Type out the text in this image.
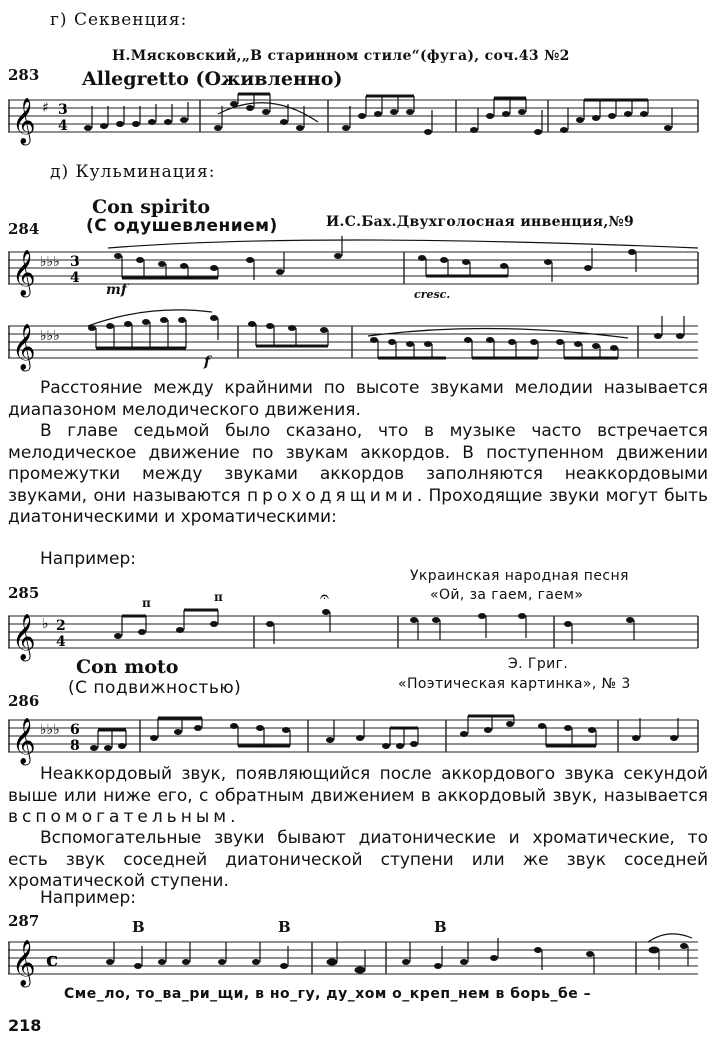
г) Секвенция:
283
Н.Мясковский,„В старинном стиле“(фуга), соч.43 №2
Allegretto (Оживленно)
𝄞 ♯ 3
4
д) Кульминация:
284
Con spirito
(С одушевлением)	И.С.Бах.Двухголосная инвенция,№9
𝄞 ♭♭♭ 3
4
mf	cresc.
𝄞 ♭♭♭
f
Расстояние между крайними по высоте звуками мелодии называется диапазоном мелодического движения.
В главе седьмой было сказано, что в музыке часто встречается мелодическое движение по звукам аккордов. В поступенном движении промежутки между звуками аккордов заполняются неаккордовыми звуками, они называются проходящими. Проходящие звуки могут быть диатоническими и хроматическими:
Например:
Украинская народная песня
«Ой, за гаем, гаем»
285
п	п
𝄞 ♭ 2
4
𝄐
Con moto
(С подвижностью)
Э. Григ.
«Поэтическая картинка», № 3
286
𝄞 ♭♭♭ 6
8
Неаккордовый звук, появляющийся после аккордового звука секундой выше или ниже его, с обратным движением в аккордовый звук, называется вспомогательным.
Вспомогательные звуки бывают диатонические и хроматические, то есть звук соседней диатонической ступени или же звук соседней хроматической ступени.
Например:
287	В	В	В
𝄞 c
Сме_ло, то_ва_ри_щи, в но_гу, ду_хом о_креп_нем в борь_бе –
218
